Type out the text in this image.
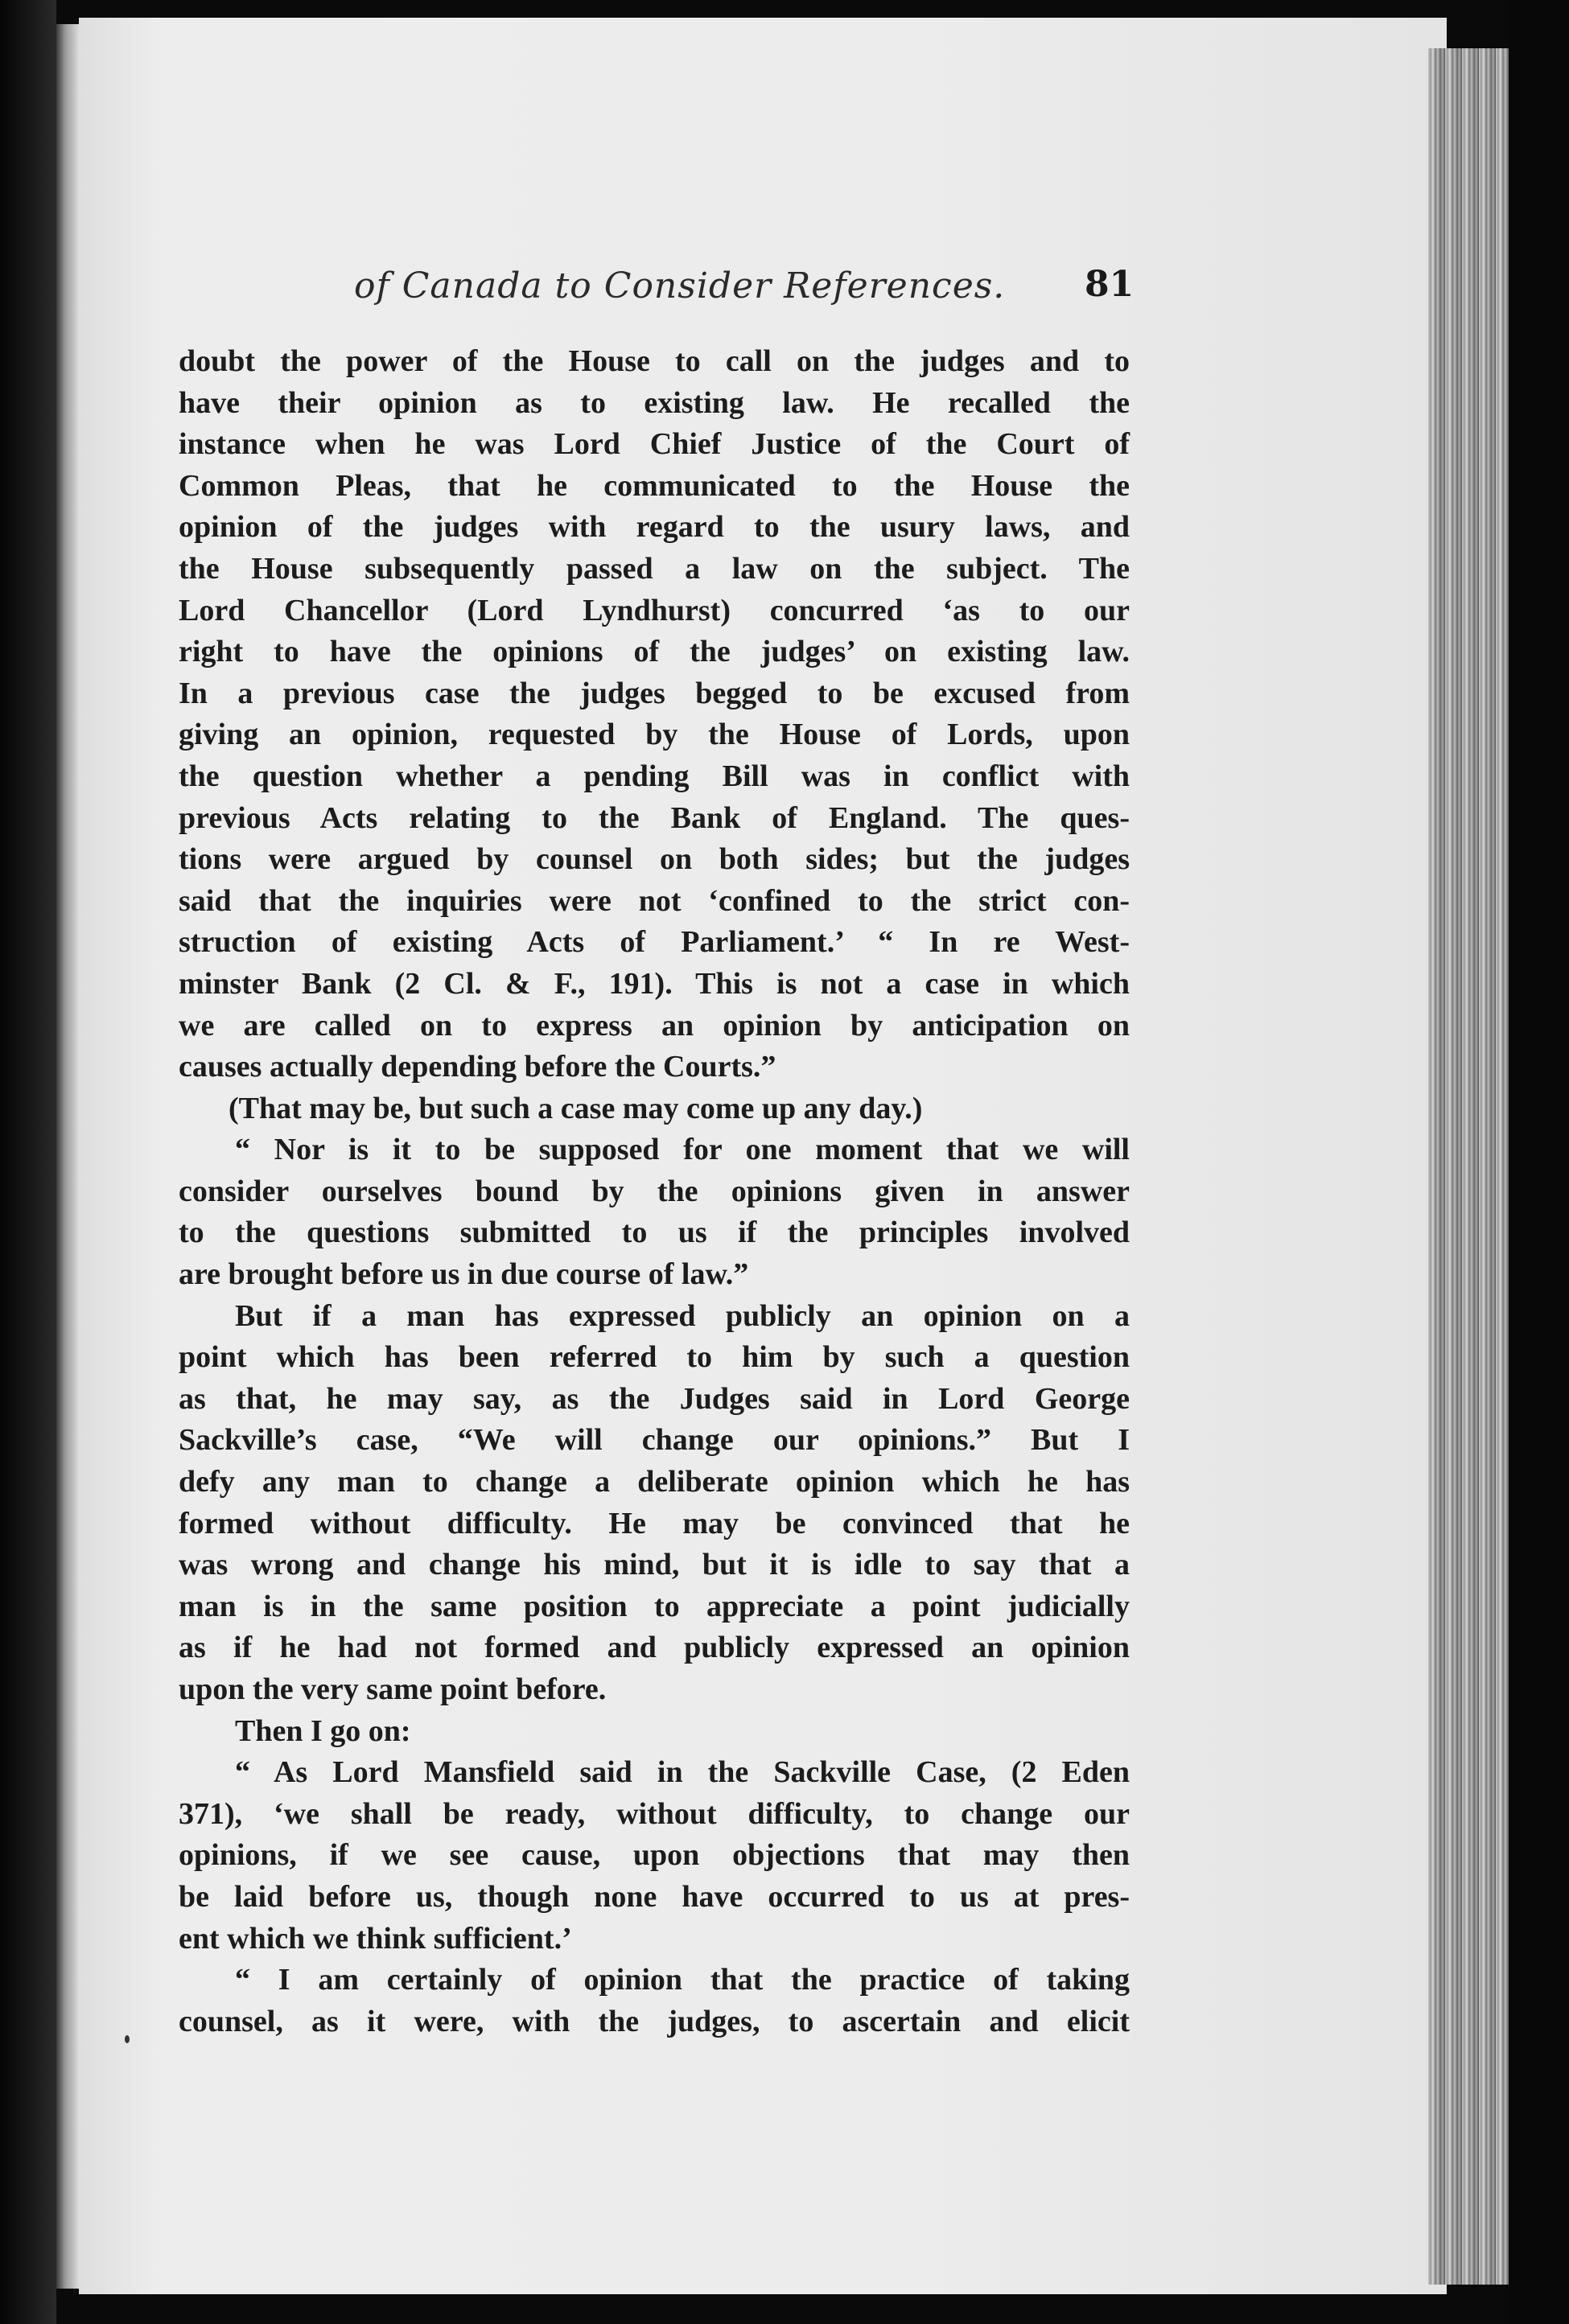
of Canada to Consider References.	81
doubt the power of the House to call on the judges and to
have their opinion as to existing law. He recalled the
instance when he was Lord Chief Justice of the Court of
Common Pleas, that he communicated to the House the
opinion of the judges with regard to the usury laws, and
the House subsequently passed a law on the subject. The
Lord Chancellor (Lord Lyndhurst) concurred ‘as to our
right to have the opinions of the judges’ on existing law.
In a previous case the judges begged to be excused from
giving an opinion, requested by the House of Lords, upon
the question whether a pending Bill was in conflict with
previous Acts relating to the Bank of England. The ques-
tions were argued by counsel on both sides; but the judges
said that the inquiries were not ‘confined to the strict con-
struction of existing Acts of Parliament.’ “ In re West-
minster Bank (2 Cl. & F., 191). This is not a case in which
we are called on to express an opinion by anticipation on
causes actually depending before the Courts.”
(That may be, but such a case may come up any day.)
“ Nor is it to be supposed for one moment that we will
consider ourselves bound by the opinions given in answer
to the questions submitted to us if the principles involved
are brought before us in due course of law.”
But if a man has expressed publicly an opinion on a
point which has been referred to him by such a question
as that, he may say, as the Judges said in Lord George
Sackville’s case, “We will change our opinions.” But I
defy any man to change a deliberate opinion which he has
formed without difficulty. He may be convinced that he
was wrong and change his mind, but it is idle to say that a
man is in the same position to appreciate a point judicially
as if he had not formed and publicly expressed an opinion
upon the very same point before.
Then I go on:
“ As Lord Mansfield said in the Sackville Case, (2 Eden
371), ‘we shall be ready, without difficulty, to change our
opinions, if we see cause, upon objections that may then
be laid before us, though none have occurred to us at pres-
ent which we think sufficient.’
“ I am certainly of opinion that the practice of taking
counsel, as it were, with the judges, to ascertain and elicit
